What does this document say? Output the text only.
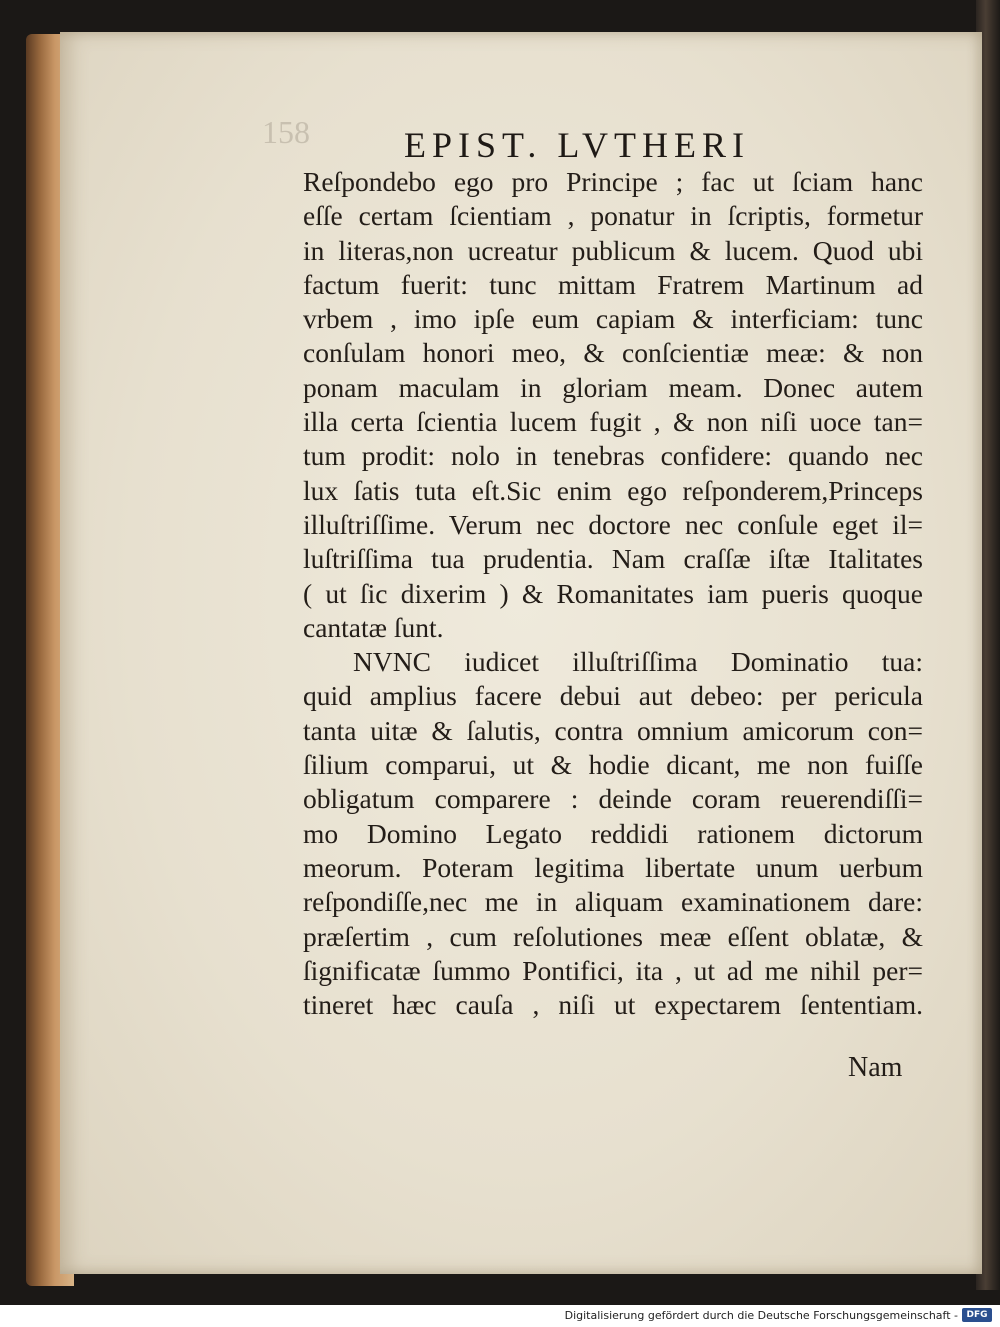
158	EPIST. LVTHERI
Reſpondebo ego pro Principe ; fac ut ſciam hanc
eſſe certam ſcientiam , ponatur in ſcriptis, formetur
in literas,non ucreatur publicum & lucem. Quod ubi
factum fuerit: tunc mittam Fratrem Martinum ad
vrbem , imo ipſe eum capiam & interficiam: tunc
conſulam honori meo, & conſcientiæ meæ: & non
ponam maculam in gloriam meam. Donec autem
illa certa ſcientia lucem fugit , & non niſi uoce tan=
tum prodit: nolo in tenebras confidere: quando nec
lux ſatis tuta eſt.Sic enim ego reſponderem,Princeps
illuſtriſſime. Verum nec doctore nec conſule eget il=
luſtriſſima tua prudentia. Nam craſſæ iſtæ Italitates
( ut ſic dixerim ) & Romanitates iam pueris quoque
cantatæ ſunt.
NVNC iudicet illuſtriſſima Dominatio tua:
quid amplius facere debui aut debeo: per pericula
tanta uitæ & ſalutis, contra omnium amicorum con=
ſilium comparui, ut & hodie dicant, me non fuiſſe
obligatum comparere : deinde coram reuerendiſſi=
mo Domino Legato reddidi rationem dictorum
meorum. Poteram legitima libertate unum uerbum
reſpondiſſe,nec me in aliquam examinationem dare:
præſertim , cum reſolutiones meæ eſſent oblatæ, &
ſignificatæ ſummo Pontifici, ita , ut ad me nihil per=
tineret hæc cauſa , niſi ut expectarem ſententiam.
Nam
Digitalisierung gefördert durch die Deutsche Forschungsgemeinschaft - DFG
